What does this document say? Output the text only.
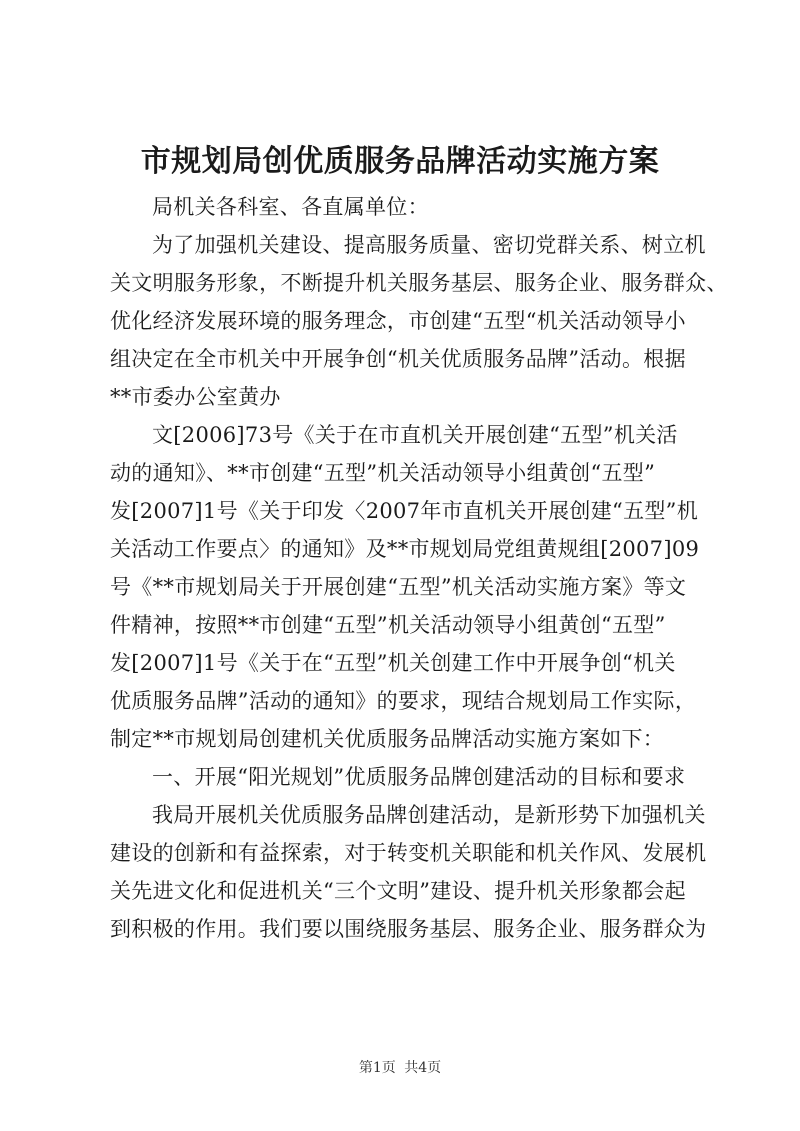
市规划局创优质服务品牌活动实施方案

局机关各科室、各直属单位：

为了加强机关建设、提高服务质量、密切党群关系、树立机

关文明服务形象，不断提升机关服务基层、服务企业、服务群众、
优化经济发展环境的服务理念，市创建“五型“机关活动领导小
组决定在全市机关中开展争创“机关优质服务品牌”活动。根据
**市委办公室黄办

文[2006]73号《关于在市直机关开展创建“五型”机关活

动的通知》、**市创建“五型”机关活动领导小组黄创“五型”
发[2007]1号《关于印发〈2007年市直机关开展创建“五型”机
关活动工作要点〉的通知》及**市规划局党组黄规组[2007]09
号《**市规划局关于开展创建“五型”机关活动实施方案》等文
件精神，按照**市创建“五型”机关活动领导小组黄创“五型”
发[2007]1号《关于在“五型”机关创建工作中开展争创“机关
优质服务品牌”活动的通知》的要求，现结合规划局工作实际，
制定**市规划局创建机关优质服务品牌活动实施方案如下：

一、开展“阳光规划”优质服务品牌创建活动的目标和要求

我局开展机关优质服务品牌创建活动，是新形势下加强机关

建设的创新和有益探索，对于转变机关职能和机关作风、发展机
关先进文化和促进机关“三个文明”建设、提升机关形象都会起
到积极的作用。我们要以围绕服务基层、服务企业、服务群众为

第1页 共4页
